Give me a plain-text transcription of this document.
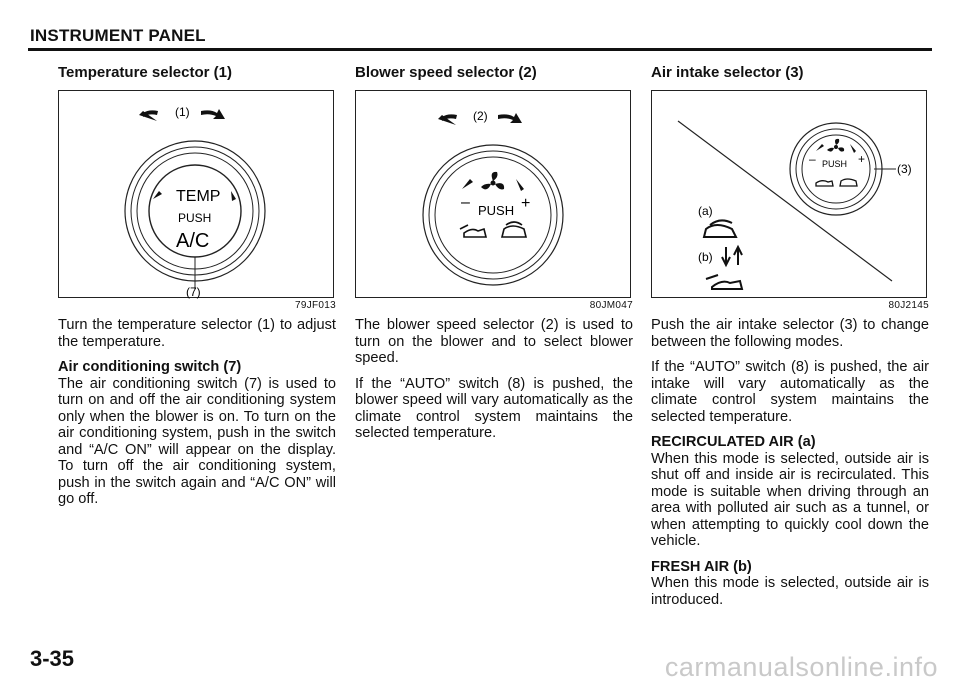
INSTRUMENT PANEL
Temperature selector (1)
(1)
TEMP
PUSH
A/C
(7)
79JF013

Turn the temperature selector (1) to adjust the temperature.

Air conditioning switch (7)

The air conditioning switch (7) is used to turn on and off the air conditioning system only when the blower is on. To turn on the air conditioning system, push in the switch and “A/C ON” will appear on the display. To turn off the air conditioning system, push in the switch again and “A/C ON” will go off.

Blower speed selector (2)
(2)
– PUSH +
80JM047

The blower speed selector (2) is used to turn on the blower and to select blower speed.

If the “AUTO” switch (8) is pushed, the blower speed will vary automatically as the climate control system maintains the selected temperature.

Air intake selector (3)
– PUSH +
(3)
(a)
(b)
80J2145

Push the air intake selector (3) to change between the following modes.

If the “AUTO” switch (8) is pushed, the air intake will vary automatically as the climate control system maintains the selected temperature.

RECIRCULATED AIR (a)

When this mode is selected, outside air is shut off and inside air is recirculated. This mode is suitable when driving through an area with polluted air such as a tunnel, or when attempting to quickly cool down the vehicle.

FRESH AIR (b)

When this mode is selected, outside air is introduced.

3-35	carmanualsonline.info
